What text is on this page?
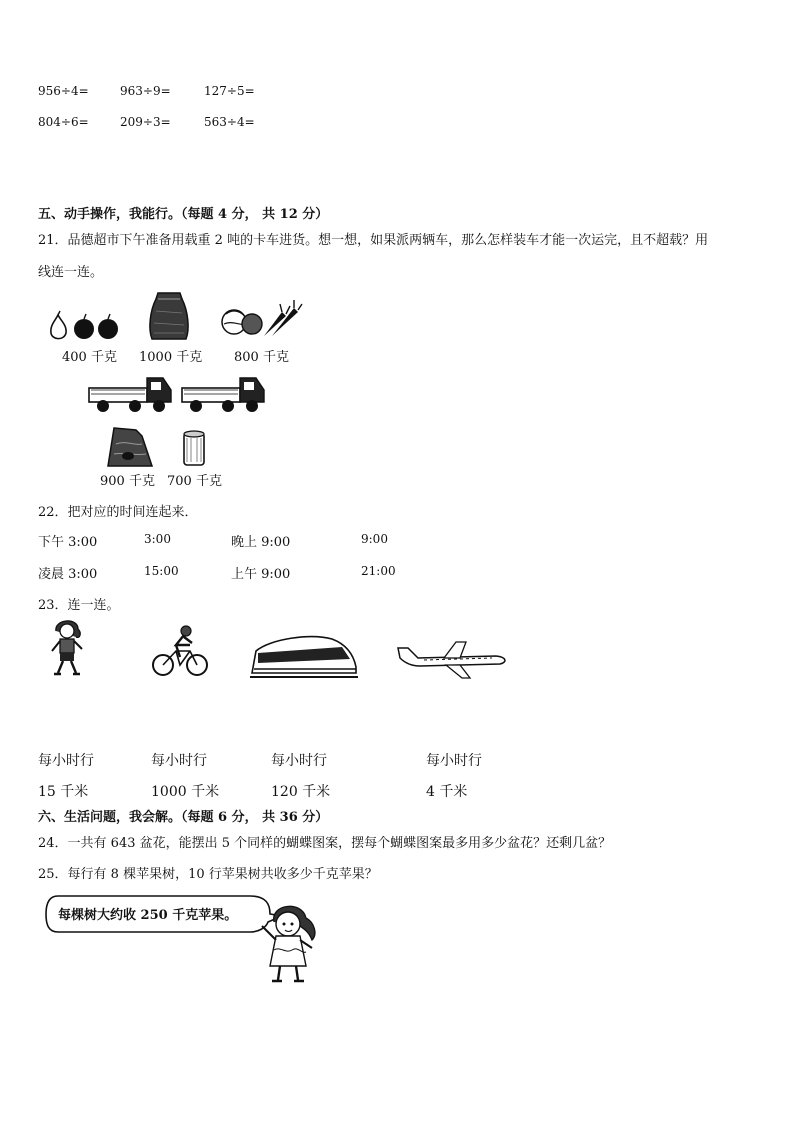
956÷4=	963÷9=	127÷5=
804÷6=	209÷3=	563÷4=
五、动手操作，我能行。（每题 4 分， 共 12 分）
21．品德超市下午准备用载重 2 吨的卡车进货。想一想，如果派两辆车，那么怎样装车才能一次运完，且不超载？用
线连一连。
400 千克 1000 千克 800 千克
900 千克 700 千克
22．把对应的时间连起来．
下午 3:00	3:00	晚上 9:00	9:00
凌晨 3:00	15:00	上午 9:00	21:00
23．连一连。
每小时行	每小时行	每小时行	每小时行
15 千米	1000 千米	120 千米	4 千米
六、生活问题，我会解。（每题 6 分， 共 36 分）
24．一共有 643 盆花，能摆出 5 个同样的蝴蝶图案，摆每个蝴蝶图案最多用多少盆花？还剩几盆？
25．每行有 8 棵苹果树，10 行苹果树共收多少千克苹果？
每棵树大约收 250 千克苹果。
